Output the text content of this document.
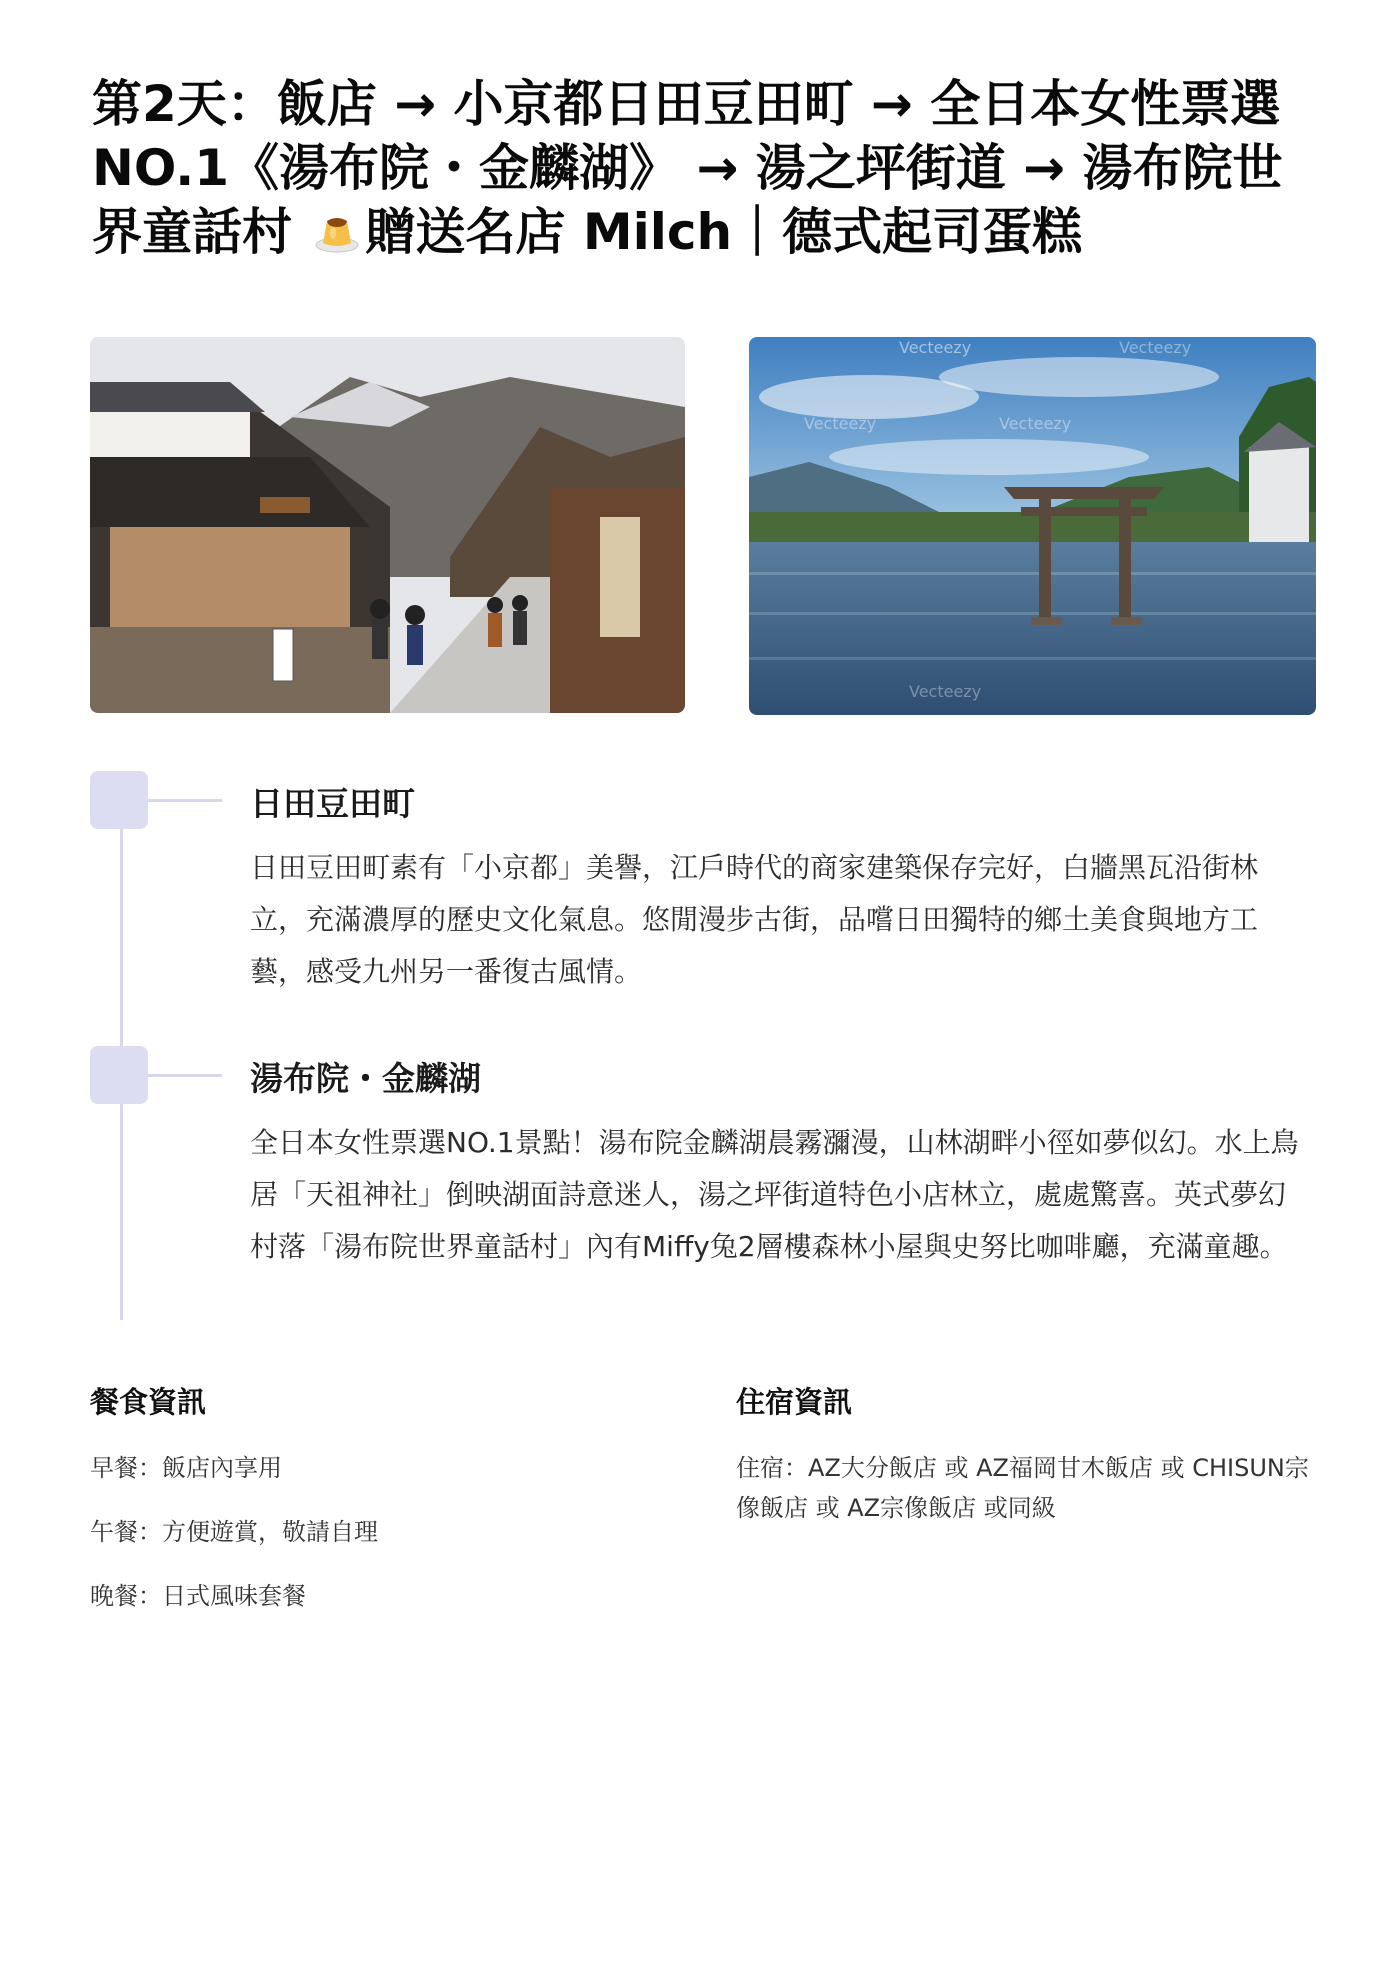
第2天：飯店 → 小京都日田豆田町 → 全日本女性票選 NO.1《湯布院・金麟湖》 → 湯之坪街道 → 湯布院世界童話村 贈送名店 Milch｜德式起司蛋糕
Vecteezy	Vecteezy
Vecteezy	Vecteezy
Vecteezy
日田豆田町

日田豆田町素有「小京都」美譽，江戶時代的商家建築保存完好，白牆黑瓦沿街林立，充滿濃厚的歷史文化氣息。悠閒漫步古街，品嚐日田獨特的鄉土美食與地方工藝，感受九州另一番復古風情。

湯布院・金麟湖

全日本女性票選NO.1景點！湯布院金麟湖晨霧瀰漫，山林湖畔小徑如夢似幻。水上鳥居「天祖神社」倒映湖面詩意迷人，湯之坪街道特色小店林立，處處驚喜。英式夢幻村落「湯布院世界童話村」內有Miffy兔2層樓森林小屋與史努比咖啡廳，充滿童趣。

餐食資訊

早餐：飯店內享用

午餐：方便遊賞，敬請自理

晚餐：日式風味套餐

住宿資訊

住宿：AZ大分飯店 或 AZ福岡甘木飯店 或 CHISUN宗像飯店 或 AZ宗像飯店 或同級
